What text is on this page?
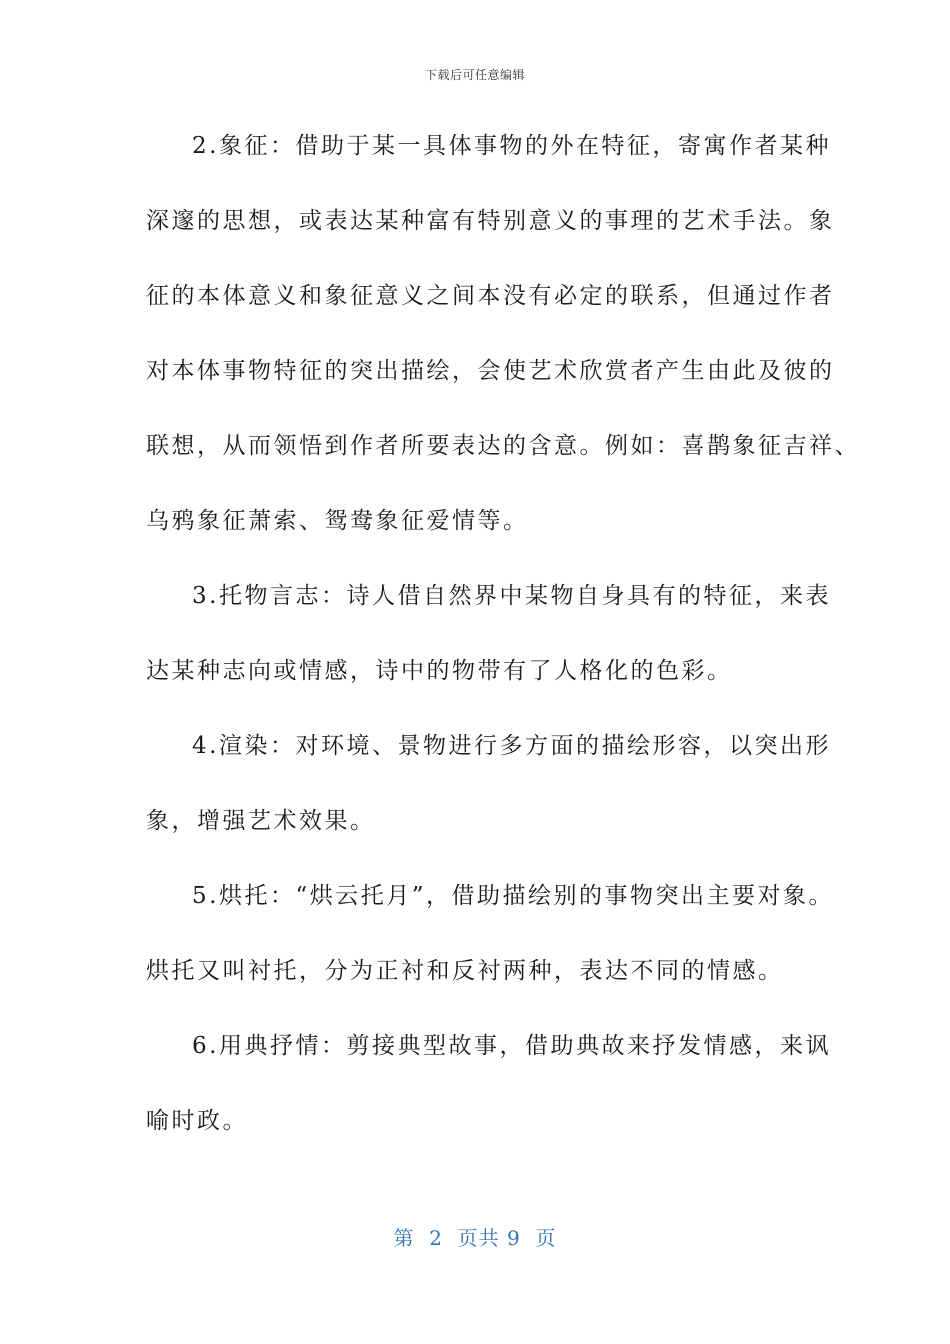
下载后可任意编辑
2.象征：借助于某一具体事物的外在特征，寄寓作者某种
深邃的思想，或表达某种富有特别意义的事理的艺术手法。象
征的本体意义和象征意义之间本没有必定的联系，但通过作者
对本体事物特征的突出描绘，会使艺术欣赏者产生由此及彼的
联想，从而领悟到作者所要表达的含意。例如：喜鹊象征吉祥、
乌鸦象征萧索、鸳鸯象征爱情等。
3.托物言志：诗人借自然界中某物自身具有的特征，来表
达某种志向或情感，诗中的物带有了人格化的色彩。
4.渲染：对环境、景物进行多方面的描绘形容，以突出形
象，增强艺术效果。
5.烘托：“烘云托月”，借助描绘别的事物突出主要对象。
烘托又叫衬托，分为正衬和反衬两种，表达不同的情感。
6.用典抒情：剪接典型故事，借助典故来抒发情感，来讽
喻时政。
第  2  页共 9  页
